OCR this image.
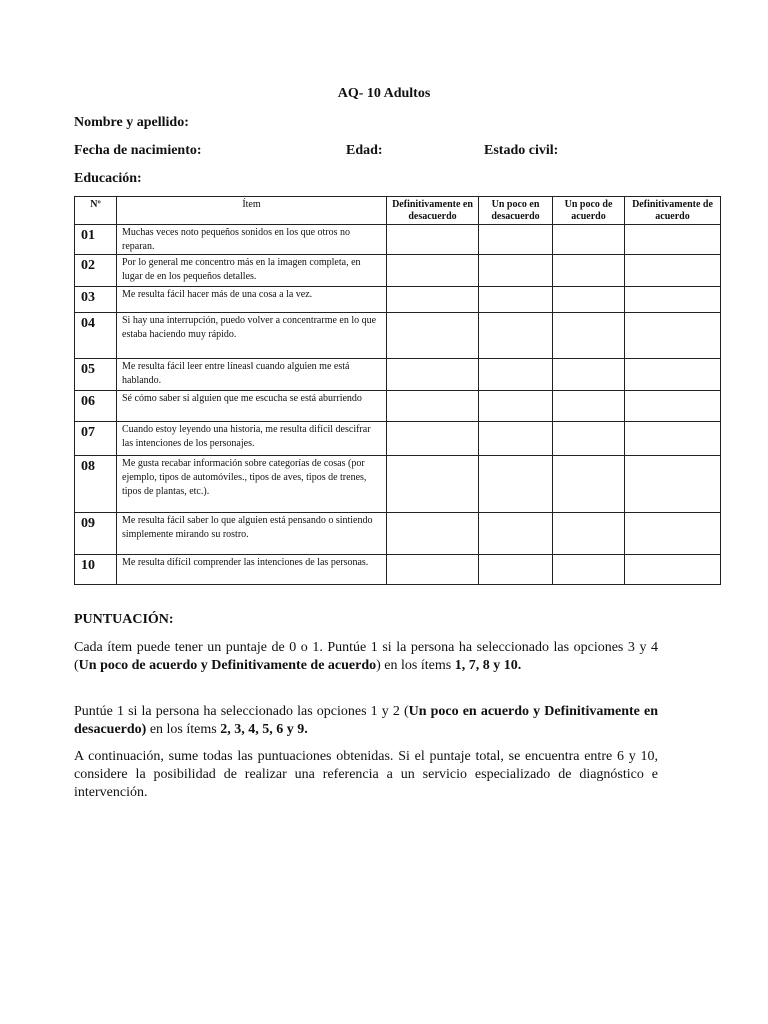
AQ- 10 Adultos
Nombre y apellido:
Fecha de nacimiento:	Edad:	Estado civil:
Educación:
Nº	Ítem	Definitivamente en desacuerdo	Un poco en desacuerdo	Un poco de acuerdo	Definitivamente de acuerdo
01	Muchas veces noto pequeños sonidos en los que otros no reparan.				
02	Por lo general me concentro más en la imagen completa, en lugar de en los pequeños detalles.				
03	Me resulta fácil hacer más de una cosa a la vez.				
04	Si hay una interrupción, puedo volver a concentrarme en lo que estaba haciendo muy rápido.				
05	Me resulta fácil leer entre líneas‖ cuando alguien me está hablando.				
06	Sé cómo saber si alguien que me escucha se está aburriendo				
07	Cuando estoy leyendo una historia, me resulta difícil descifrar las intenciones de los personajes.				
08	Me gusta recabar información sobre categorías de cosas (por ejemplo, tipos de automóviles., tipos de aves, tipos de trenes, tipos de plantas, etc.).				
09	Me resulta fácil saber lo que alguien está pensando o sintiendo simplemente mirando su rostro.				
10	Me resulta difícil comprender las intenciones de las personas.				
PUNTUACIÓN:
Cada ítem puede tener un puntaje de 0 o 1. Puntúe 1 si la persona ha seleccionado las opciones 3 y 4 (Un poco de acuerdo y Definitivamente de acuerdo) en los ítems 1, 7, 8 y 10.
Puntúe 1 si la persona ha seleccionado las opciones 1 y 2 (Un poco en acuerdo y Definitivamente en desacuerdo) en los ítems 2, 3, 4, 5, 6 y 9.
A continuación, sume todas las puntuaciones obtenidas. Si el puntaje total, se encuentra entre 6 y 10, considere la posibilidad de realizar una referencia a un servicio especializado de diagnóstico e intervención.
